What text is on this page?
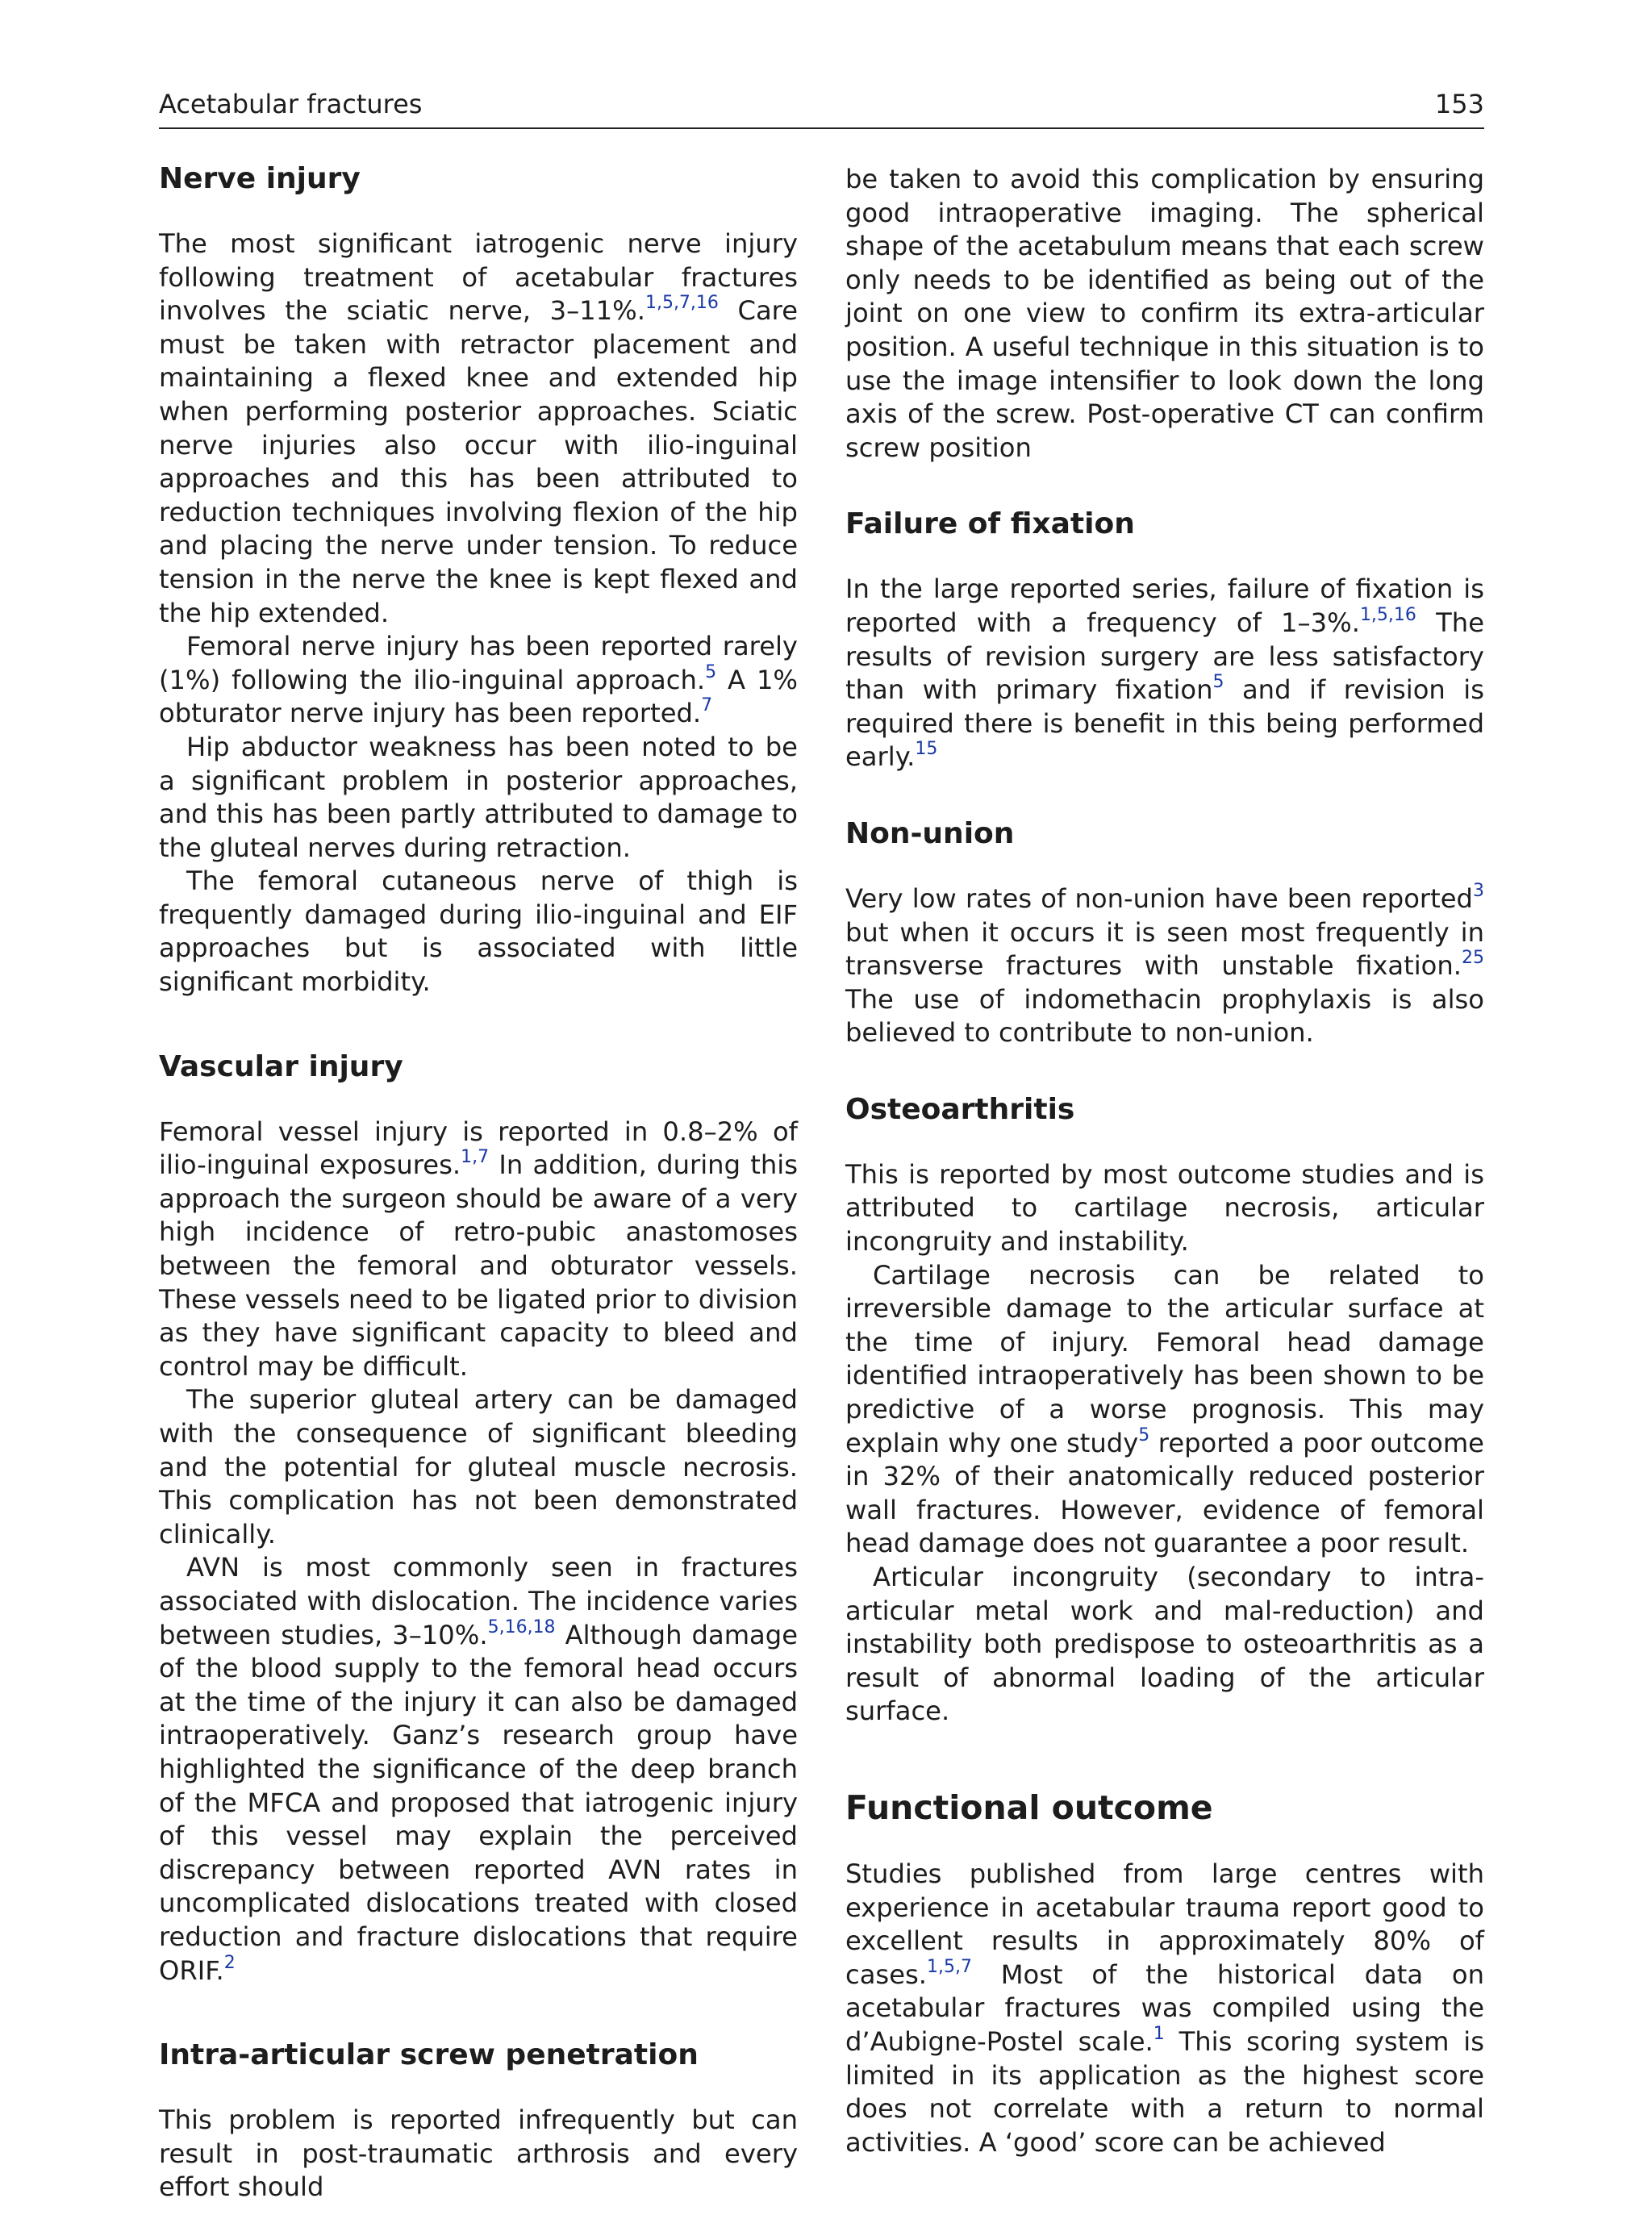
Acetabular fractures	153
Nerve injury

The most significant iatrogenic nerve injury following treatment of acetabular fractures involves the sciatic nerve, 3–11%.$^{1,5,7,16}$ Care must be taken with retractor placement and maintaining a flexed knee and extended hip when performing posterior approaches. Sciatic nerve injuries also occur with ilio-inguinal approaches and this has been attributed to reduction techniques involving flexion of the hip and placing the nerve under tension. To reduce tension in the nerve the knee is kept flexed and the hip extended.

Femoral nerve injury has been reported rarely (1%) following the ilio-inguinal approach.$^5$ A 1% obturator nerve injury has been reported.$^7$

Hip abductor weakness has been noted to be a significant problem in posterior approaches, and this has been partly attributed to damage to the gluteal nerves during retraction.

The femoral cutaneous nerve of thigh is frequently damaged during ilio-inguinal and EIF approaches but is associated with little significant morbidity.

Vascular injury

Femoral vessel injury is reported in 0.8–2% of ilio-inguinal exposures.$^{1,7}$ In addition, during this approach the surgeon should be aware of a very high incidence of retro-pubic anastomoses between the femoral and obturator vessels. These vessels need to be ligated prior to division as they have significant capacity to bleed and control may be difficult.

The superior gluteal artery can be damaged with the consequence of significant bleeding and the potential for gluteal muscle necrosis. This complication has not been demonstrated clinically.

AVN is most commonly seen in fractures associated with dislocation. The incidence varies between studies, 3–10%.$^{5,16,18}$ Although damage of the blood supply to the femoral head occurs at the time of the injury it can also be damaged intraoperatively. Ganz’s research group have highlighted the significance of the deep branch of the MFCA and proposed that iatrogenic injury of this vessel may explain the perceived discrepancy between reported AVN rates in uncomplicated dislocations treated with closed reduction and fracture dislocations that require ORIF.$^2$

Intra-articular screw penetration

This problem is reported infrequently but can result in post-traumatic arthrosis and every effort should

be taken to avoid this complication by ensuring good intraoperative imaging. The spherical shape of the acetabulum means that each screw only needs to be identified as being out of the joint on one view to confirm its extra-articular position. A useful technique in this situation is to use the image intensifier to look down the long axis of the screw. Post-operative CT can confirm screw position

Failure of fixation

In the large reported series, failure of fixation is reported with a frequency of 1–3%.$^{1,5,16}$ The results of revision surgery are less satisfactory than with primary fixation$^5$ and if revision is required there is benefit in this being performed early.$^{15}$

Non-union

Very low rates of non-union have been reported$^3$ but when it occurs it is seen most frequently in transverse fractures with unstable fixation.$^{25}$ The use of indomethacin prophylaxis is also believed to contribute to non-union.

Osteoarthritis

This is reported by most outcome studies and is attributed to cartilage necrosis, articular incongruity and instability.

Cartilage necrosis can be related to irreversible damage to the articular surface at the time of injury. Femoral head damage identified intraoperatively has been shown to be predictive of a worse prognosis. This may explain why one study$^5$ reported a poor outcome in 32% of their anatomically reduced posterior wall fractures. However, evidence of femoral head damage does not guarantee a poor result.

Articular incongruity (secondary to intra-articular metal work and mal-reduction) and instability both predispose to osteoarthritis as a result of abnormal loading of the articular surface.

Functional outcome

Studies published from large centres with experience in acetabular trauma report good to excellent results in approximately 80% of cases.$^{1,5,7}$ Most of the historical data on acetabular fractures was compiled using the d’Aubigne-Postel scale.$^1$ This scoring system is limited in its application as the highest score does not correlate with a return to normal activities. A ‘good’ score can be achieved
